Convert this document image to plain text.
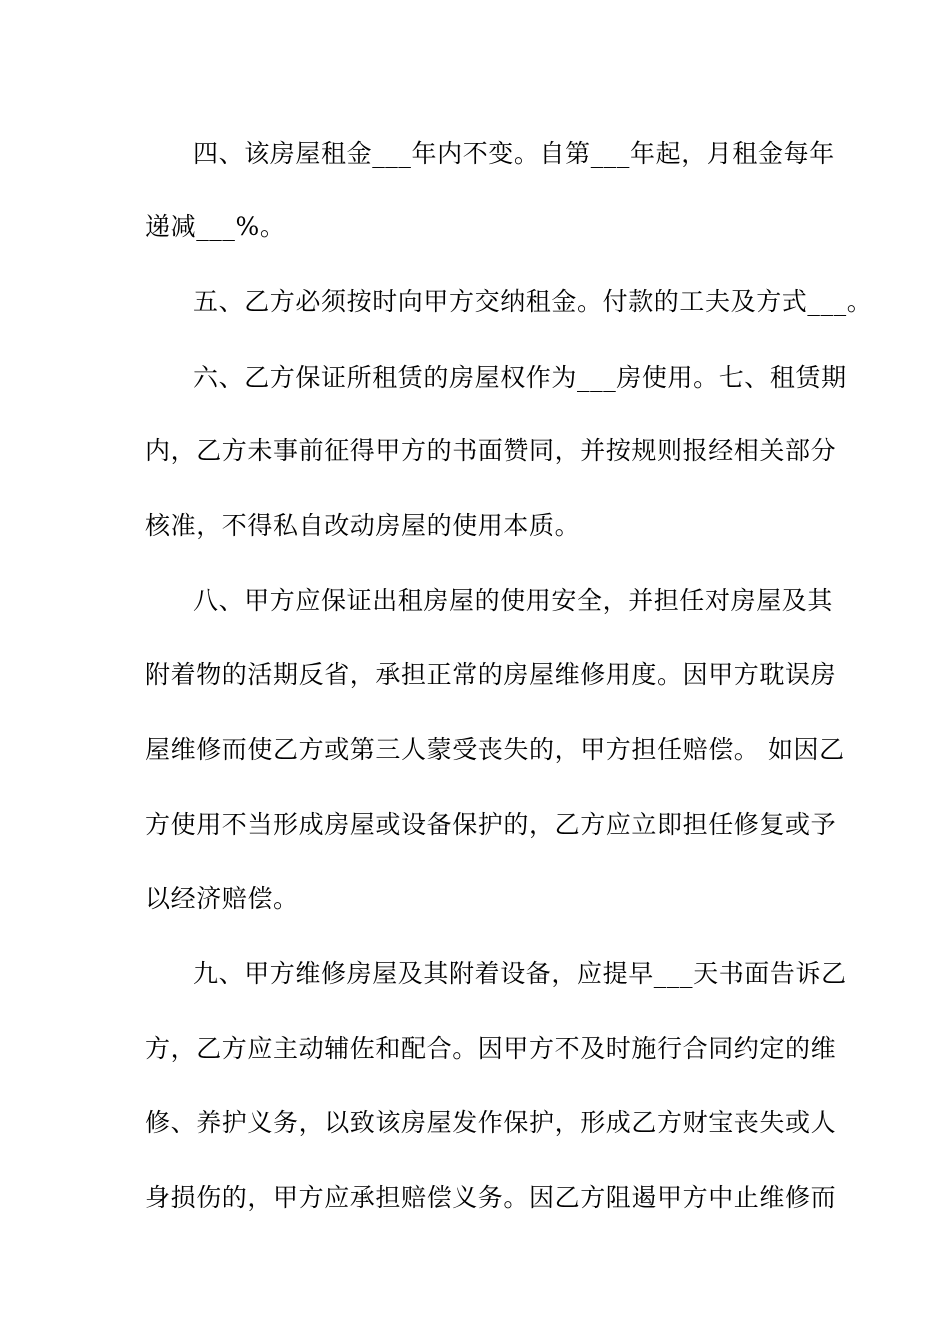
四、该房屋租金___年内不变。自第___年起，月租金每年
递减___%。
五、乙方必须按时向甲方交纳租金。付款的工夫及方式___。
六、乙方保证所租赁的房屋权作为___房使用。七、租赁期
内，乙方未事前征得甲方的书面赞同，并按规则报经相关部分
核准，不得私自改动房屋的使用本质。
八、甲方应保证出租房屋的使用安全，并担任对房屋及其
附着物的活期反省，承担正常的房屋维修用度。因甲方耽误房
屋维修而使乙方或第三人蒙受丧失的，甲方担任赔偿。 如因乙
方使用不当形成房屋或设备保护的，乙方应立即担任修复或予
以经济赔偿。
九、甲方维修房屋及其附着设备，应提早___天书面告诉乙
方，乙方应主动辅佐和配合。因甲方不及时施行合同约定的维
修、养护义务，以致该房屋发作保护，形成乙方财宝丧失或人
身损伤的，甲方应承担赔偿义务。因乙方阻遏甲方中止维修而
